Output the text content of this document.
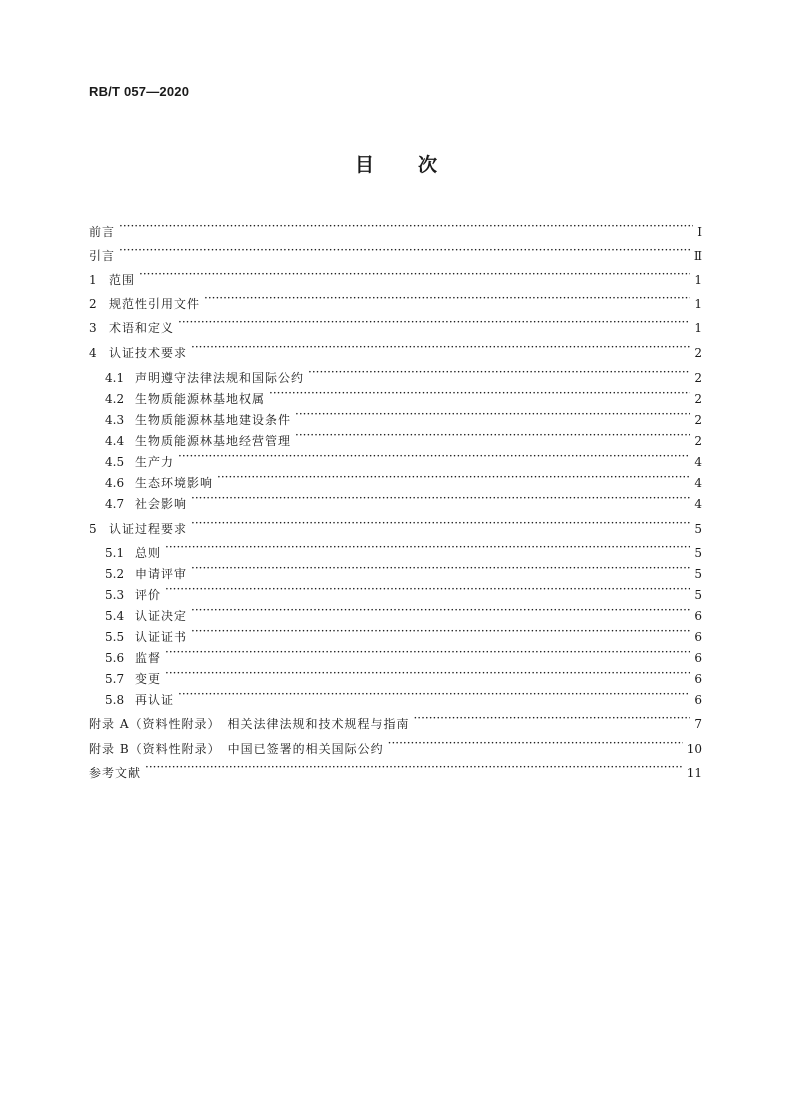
RB/T 057—2020
目次
前言 ·····	Ⅰ
引言 ·····	Ⅱ
1	范围 ·····	1
2	规范性引用文件 ·····	1
3	术语和定义 ·····	1
4	认证技术要求 ·····	2
4.1 声明遵守法律法规和国际公约 ·····	2
4.2 生物质能源林基地权属 ·····	2
4.3 生物质能源林基地建设条件 ·····	2
4.4 生物质能源林基地经营管理 ·····	2
4.5 生产力 ·····	4
4.6 生态环境影响 ·····	4
4.7 社会影响 ·····	4
5	认证过程要求 ·····	5
5.1 总则 ·····	5
5.2 申请评审 ·····	5
5.3 评价 ·····	5
5.4 认证决定 ·····	6
5.5 认证证书 ·····	6
5.6 监督 ·····	6
5.7 变更 ·····	6
5.8 再认证 ·····	6
附录 A（资料性附录）　相关法律法规和技术规程与指南 ·····	7
附录 B（资料性附录）　中国已签署的相关国际公约 ·····	10
参考文献 ·····	11
